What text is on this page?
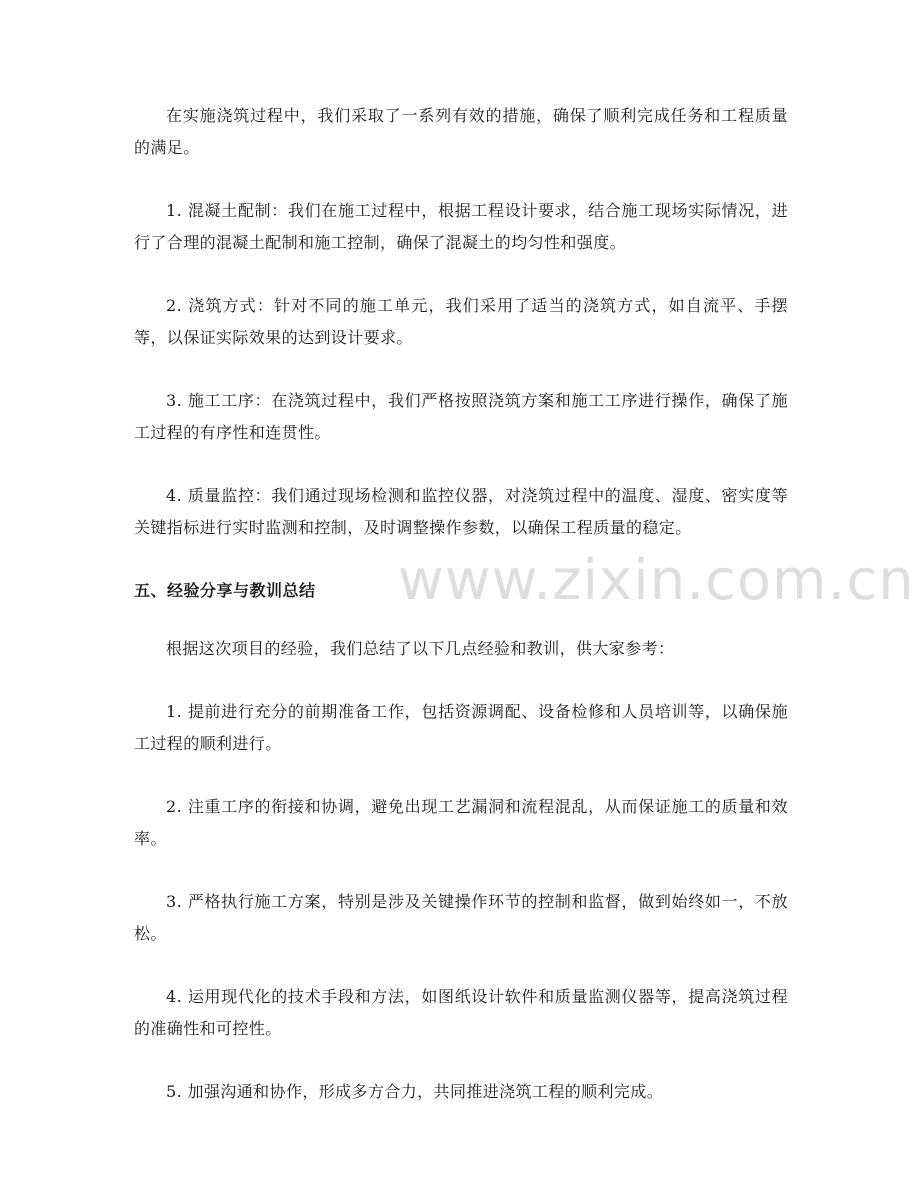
在实施浇筑过程中，我们采取了一系列有效的措施，确保了顺利完成任务和工程质量的满足。

1. 混凝土配制：我们在施工过程中，根据工程设计要求，结合施工现场实际情况，进行了合理的混凝土配制和施工控制，确保了混凝土的均匀性和强度。

2. 浇筑方式：针对不同的施工单元，我们采用了适当的浇筑方式，如自流平、手摆等，以保证实际效果的达到设计要求。

3. 施工工序：在浇筑过程中，我们严格按照浇筑方案和施工工序进行操作，确保了施工过程的有序性和连贯性。

4. 质量监控：我们通过现场检测和监控仪器，对浇筑过程中的温度、湿度、密实度等关键指标进行实时监测和控制，及时调整操作参数，以确保工程质量的稳定。

五、经验分享与教训总结

根据这次项目的经验，我们总结了以下几点经验和教训，供大家参考：

1. 提前进行充分的前期准备工作，包括资源调配、设备检修和人员培训等，以确保施工过程的顺利进行。

2. 注重工序的衔接和协调，避免出现工艺漏洞和流程混乱，从而保证施工的质量和效率。

3. 严格执行施工方案，特别是涉及关键操作环节的控制和监督，做到始终如一，不放松。

4. 运用现代化的技术手段和方法，如图纸设计软件和质量监测仪器等，提高浇筑过程的准确性和可控性。

5. 加强沟通和协作，形成多方合力，共同推进浇筑工程的顺利完成。

www.zixin.com.cn
